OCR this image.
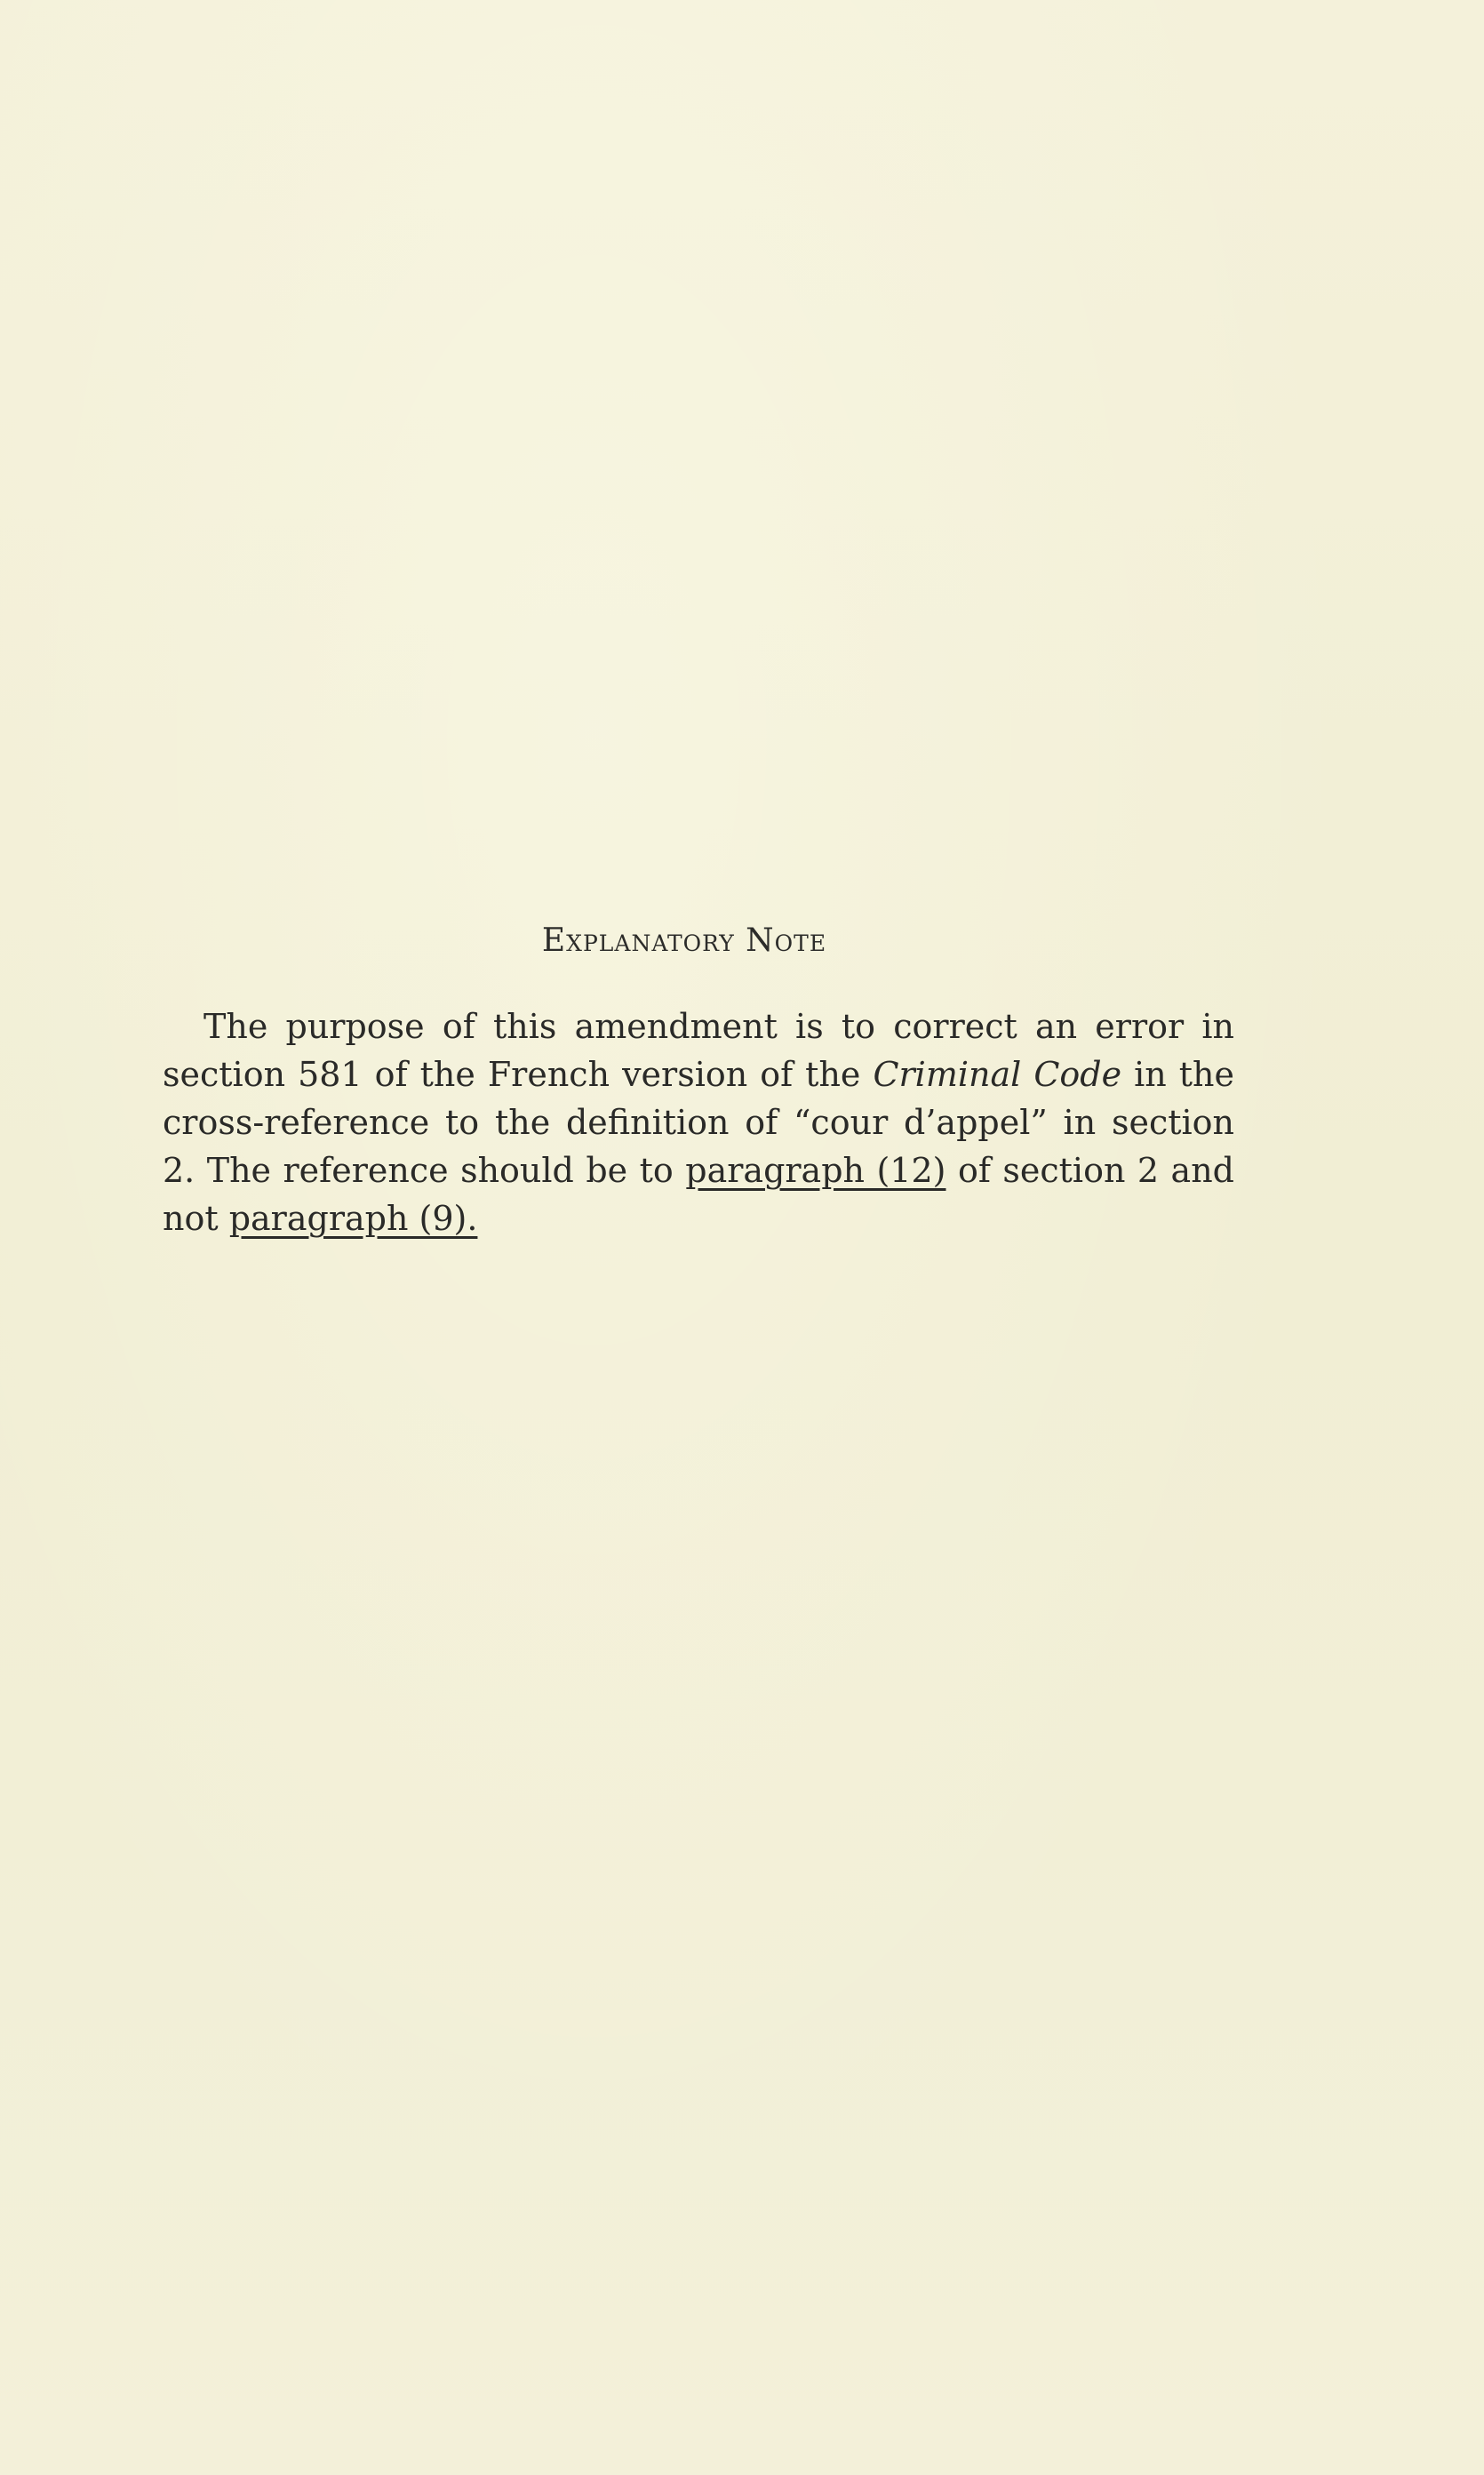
Explanatory Note

The purpose of this amendment is to correct an error in section 581 of the French version of the Criminal Code in the cross-reference to the definition of “cour d’appel” in section 2. The reference should be to paragraph (12) of section 2 and not paragraph (9).
